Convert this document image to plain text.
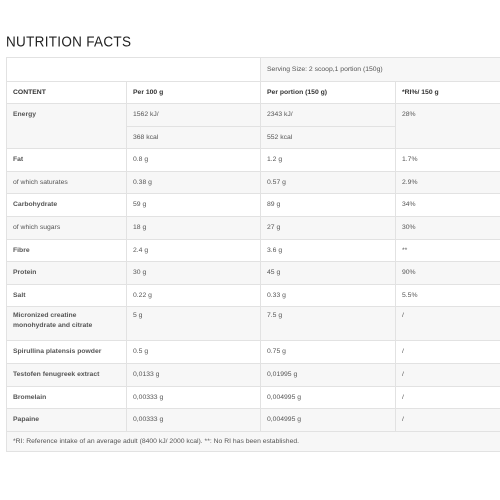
NUTRITION FACTS
		Serving Size: 2 scoop,1 portion (150g)	
CONTENT	Per 100 g	Per portion (150 g)	*RI%/ 150 g
Energy	1562 kJ/	2343 kJ/	28%
	368 kcal	552 kcal	
Fat	0.8 g	1.2 g	1.7%
of which saturates	0.38 g	0.57 g	2.9%
Carbohydrate	59 g	89 g	34%
of which sugars	18 g	27 g	30%
Fibre	2.4 g	3.6 g	**
Protein	30 g	45 g	90%
Salt	0.22 g	0.33 g	5.5%
Micronized creatine monohydrate and citrate	5 g	7.5 g	/
Spirullina platensis powder	0.5 g	0.75 g	/
Testofen fenugreek extract	0,0133 g	0,01995 g	/
Bromelain	0,00333 g	0,004995 g	/
Papaine	0,00333 g	0,004995 g	/
*RI: Reference intake of an average adult (8400 kJ/ 2000 kcal). **: No RI has been established.			
